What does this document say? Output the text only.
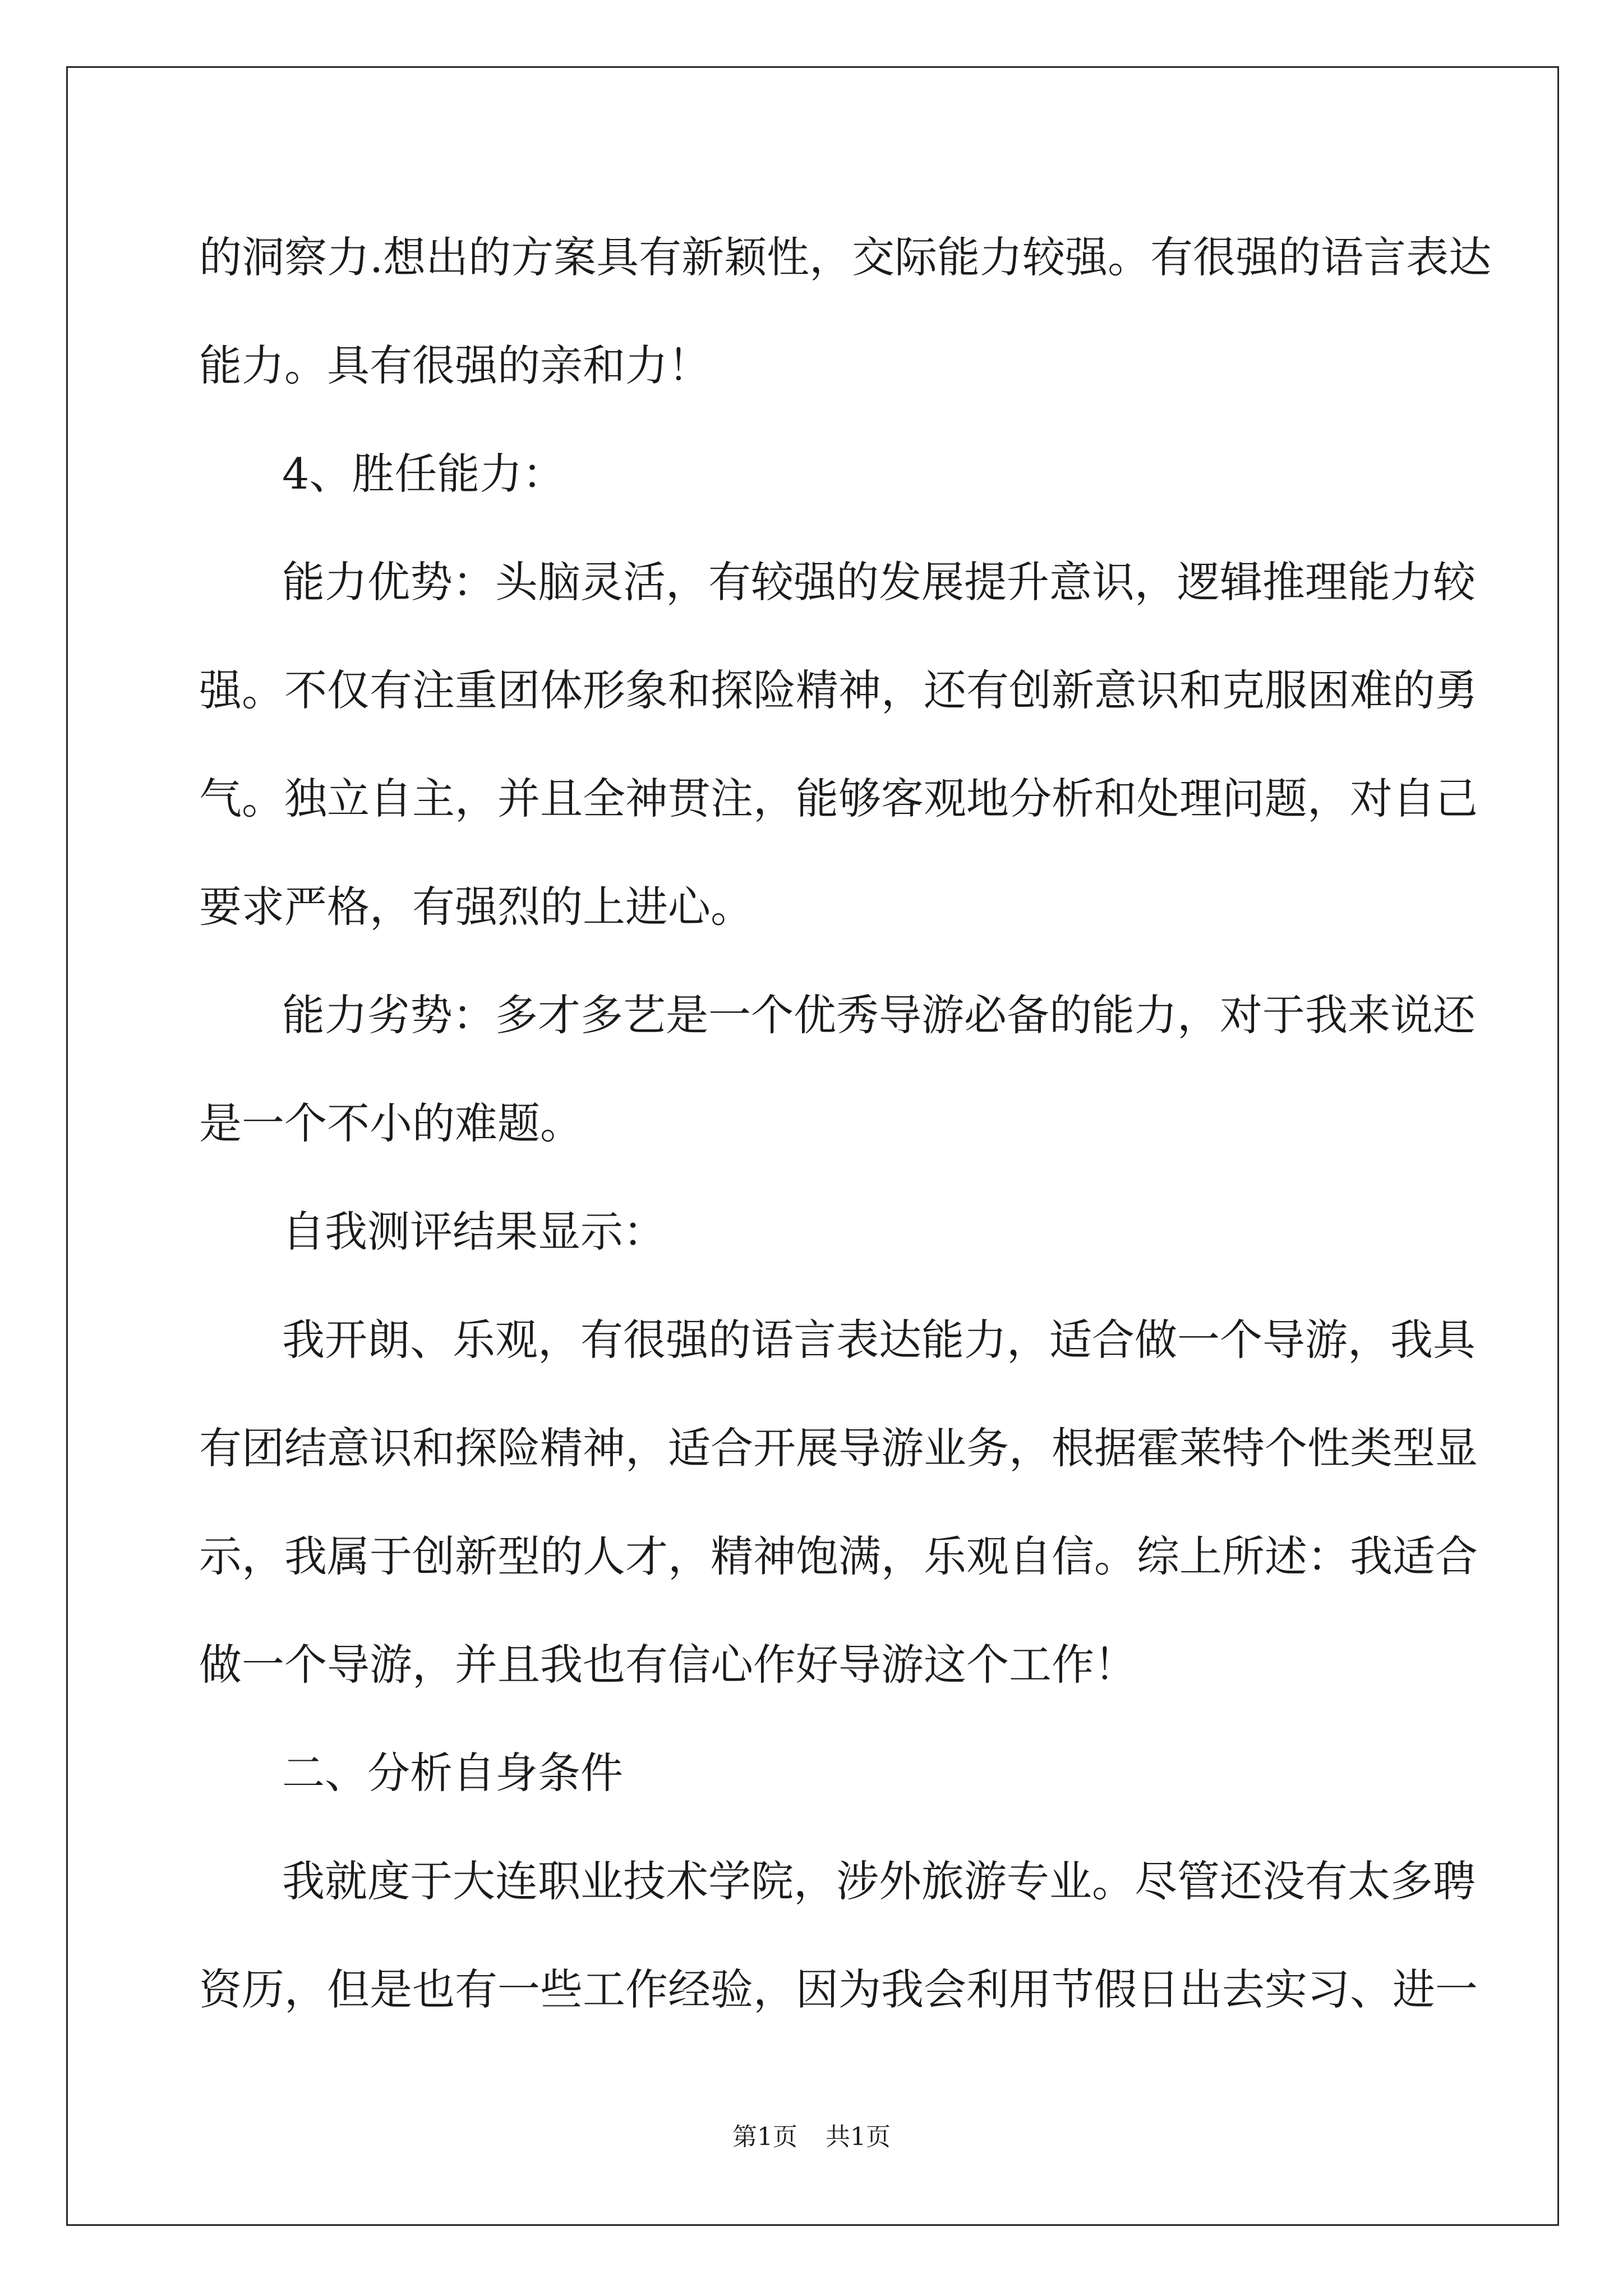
的洞察力.想出的方案具有新颖性，交际能力较强。有很强的语言表达
能力。具有很强的亲和力！
4、胜任能力：
能力优势：头脑灵活，有较强的发展提升意识，逻辑推理能力较
强。不仅有注重团体形象和探险精神，还有创新意识和克服困难的勇
气。独立自主，并且全神贯注，能够客观地分析和处理问题，对自己
要求严格，有强烈的上进心。
能力劣势：多才多艺是一个优秀导游必备的能力，对于我来说还
是一个不小的难题。
自我测评结果显示：
我开朗、乐观，有很强的语言表达能力，适合做一个导游，我具
有团结意识和探险精神，适合开展导游业务，根据霍莱特个性类型显
示，我属于创新型的人才，精神饱满，乐观自信。综上所述：我适合
做一个导游，并且我也有信心作好导游这个工作！
二、分析自身条件
我就度于大连职业技术学院，涉外旅游专业。尽管还没有太多聘
资历，但是也有一些工作经验，因为我会利用节假日出去实习、进一
第1页 共1页
